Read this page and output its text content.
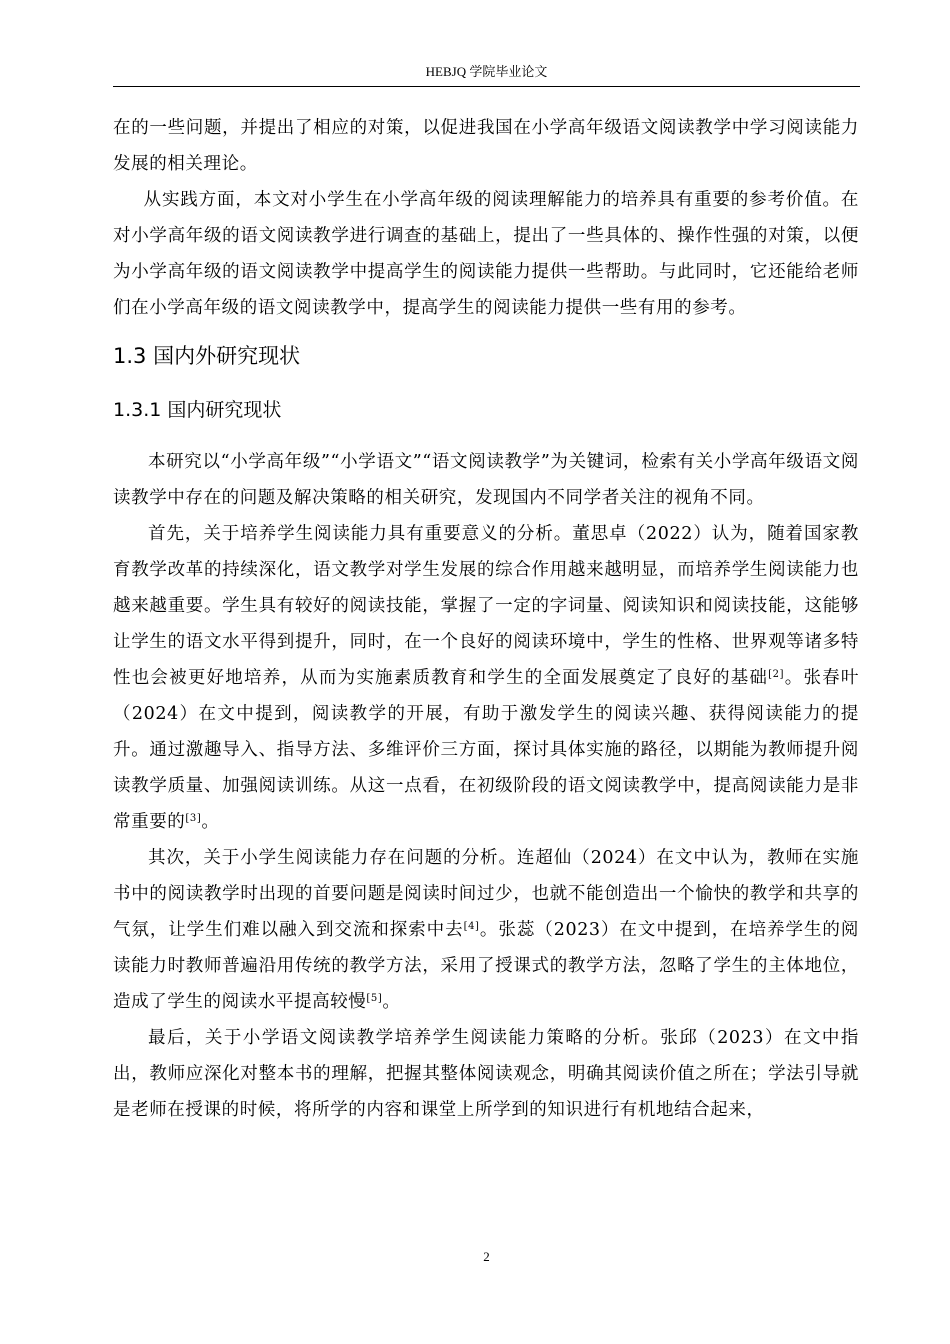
HEBJQ 学院毕业论文

在的一些问题，并提出了相应的对策，以促进我国在小学高年级语文阅读教学中学习阅读能力发展的相关理论。

从实践方面，本文对小学生在小学高年级的阅读理解能力的培养具有重要的参考价值。在对小学高年级的语文阅读教学进行调查的基础上，提出了一些具体的、操作性强的对策，以便为小学高年级的语文阅读教学中提高学生的阅读能力提供一些帮助。与此同时，它还能给老师们在小学高年级的语文阅读教学中，提高学生的阅读能力提供一些有用的参考。

1.3 国内外研究现状
1.3.1 国内研究现状

本研究以“小学高年级”“小学语文”“语文阅读教学”为关键词，检索有关小学高年级语文阅读教学中存在的问题及解决策略的相关研究，发现国内不同学者关注的视角不同。

首先，关于培养学生阅读能力具有重要意义的分析。董思卓（2022）认为，随着国家教育教学改革的持续深化，语文教学对学生发展的综合作用越来越明显，而培养学生阅读能力也越来越重要。学生具有较好的阅读技能，掌握了一定的字词量、阅读知识和阅读技能，这能够让学生的语文水平得到提升，同时，在一个良好的阅读环境中，学生的性格、世界观等诸多特性也会被更好地培养，从而为实施素质教育和学生的全面发展奠定了良好的基础[2]。张春叶（2024）在文中提到，阅读教学的开展，有助于激发学生的阅读兴趣、获得阅读能力的提升。通过激趣导入、指导方法、多维评价三方面，探讨具体实施的路径，以期能为教师提升阅读教学质量、加强阅读训练。从这一点看，在初级阶段的语文阅读教学中，提高阅读能力是非常重要的[3]。

其次，关于小学生阅读能力存在问题的分析。连超仙（2024）在文中认为，教师在实施书中的阅读教学时出现的首要问题是阅读时间过少，也就不能创造出一个愉快的教学和共享的气氛，让学生们难以融入到交流和探索中去[4]。张蕊（2023）在文中提到，在培养学生的阅读能力时教师普遍沿用传统的教学方法，采用了授课式的教学方法，忽略了学生的主体地位，造成了学生的阅读水平提高较慢[5]。

最后，关于小学语文阅读教学培养学生阅读能力策略的分析。张邱（2023）在文中指出，教师应深化对整本书的理解，把握其整体阅读观念，明确其阅读价值之所在；学法引导就是老师在授课的时候，将所学的内容和课堂上所学到的知识进行有机地结合起来，

2
